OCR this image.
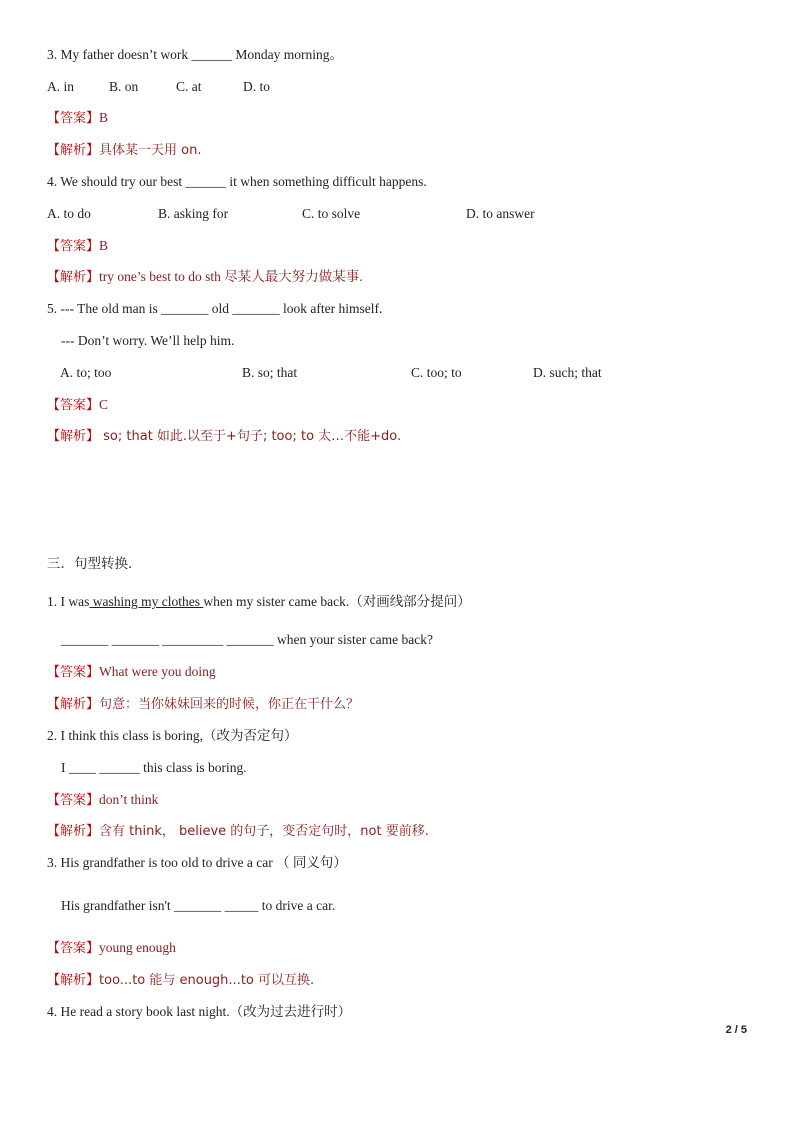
3. My father doesn’t work ______ Monday morning。
A. in	B. on	C. at	D. to
【答案】B
【解析】具体某一天用 on.
4. We should try our best ______ it when something difficult happens.
A. to do	B. asking for	C. to solve	D. to answer
【答案】B
【解析】try one’s best to do sth 尽某人最大努力做某事.
5. --- The old man is _______ old _______ look after himself.
--- Don’t worry. We’ll help him.
A. to; too	B. so; that	C. too; to	D. such; that
【答案】C
【解析】 so; that 如此.以至于+句子; too; to 太…不能+do.
三．句型转换.
1. I was washing my clothes when my sister came back.（对画线部分提问）
_______ _______ _________ _______ when your sister came back?
【答案】What were you doing
【解析】句意：当你妹妹回来的时候，你正在干什么？
2. I think this class is boring,（改为否定句）
I ____ ______ this class is boring.
【答案】don’t think
【解析】含有 think， believe 的句子，变否定句时，not 要前移.
3. His grandfather is too old to drive a car （ 同义句）
His grandfather isn't _______ _____ to drive a car.
【答案】young enough
【解析】too...to 能与 enough...to 可以互换.
4. He read a story book last night.（改为过去进行时）
2 / 5
